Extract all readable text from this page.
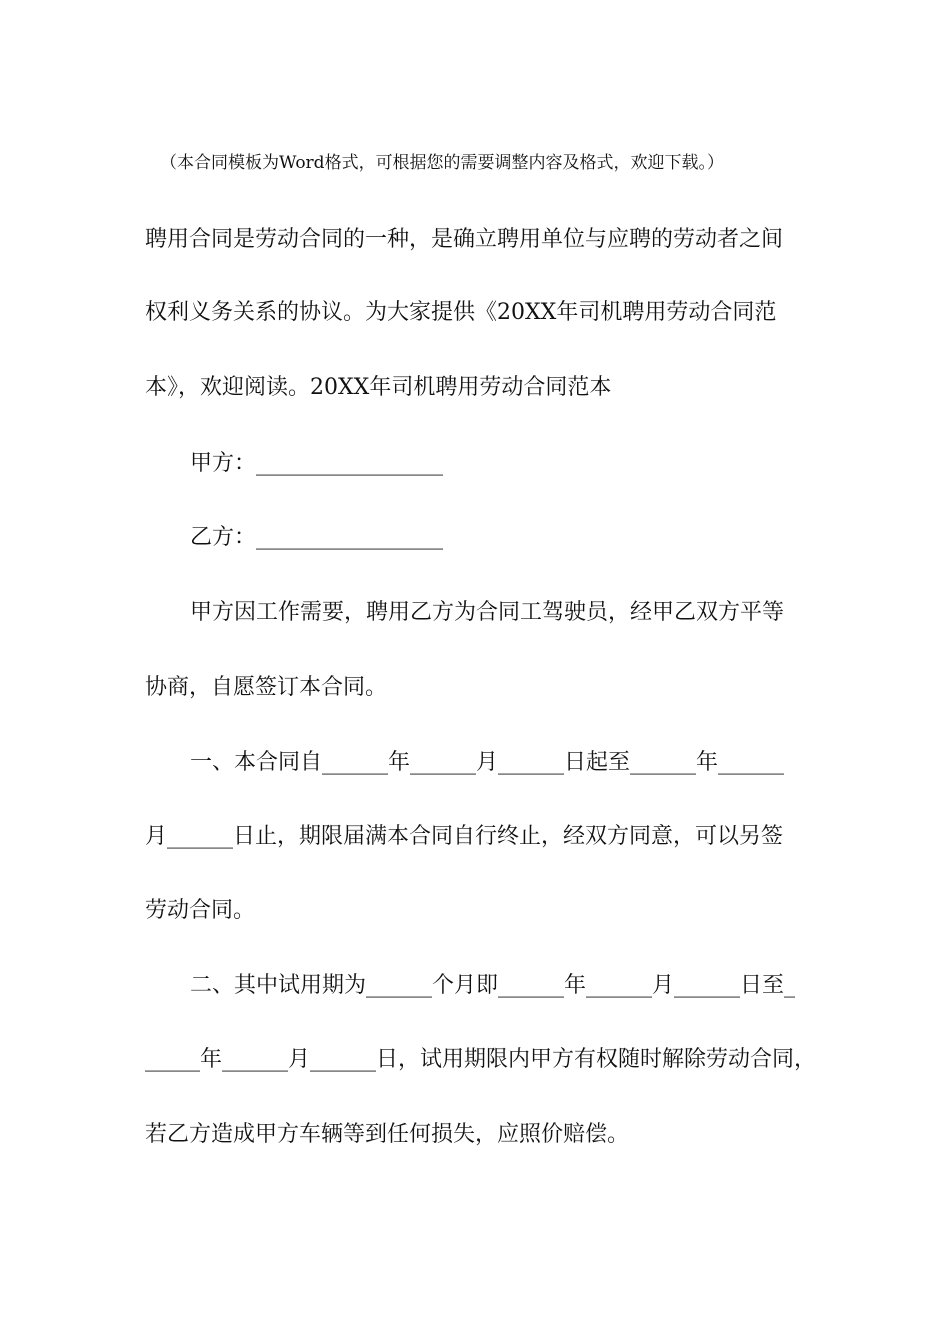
（本合同模板为Word格式，可根据您的需要调整内容及格式，欢迎下载。）
聘用合同是劳动合同的一种，是确立聘用单位与应聘的劳动者之间
权利义务关系的协议。为大家提供《20XX年司机聘用劳动合同范
本》，欢迎阅读。20XX年司机聘用劳动合同范本
甲方：_________________
乙方：_________________
甲方因工作需要，聘用乙方为合同工驾驶员，经甲乙双方平等
协商，自愿签订本合同。
一、本合同自______年______月______日起至______年______
月______日止，期限届满本合同自行终止，经双方同意，可以另签
劳动合同。
二、其中试用期为______个月即______年______月______日至_
_____年______月______日，试用期限内甲方有权随时解除劳动合同，
若乙方造成甲方车辆等到任何损失，应照价赔偿。
